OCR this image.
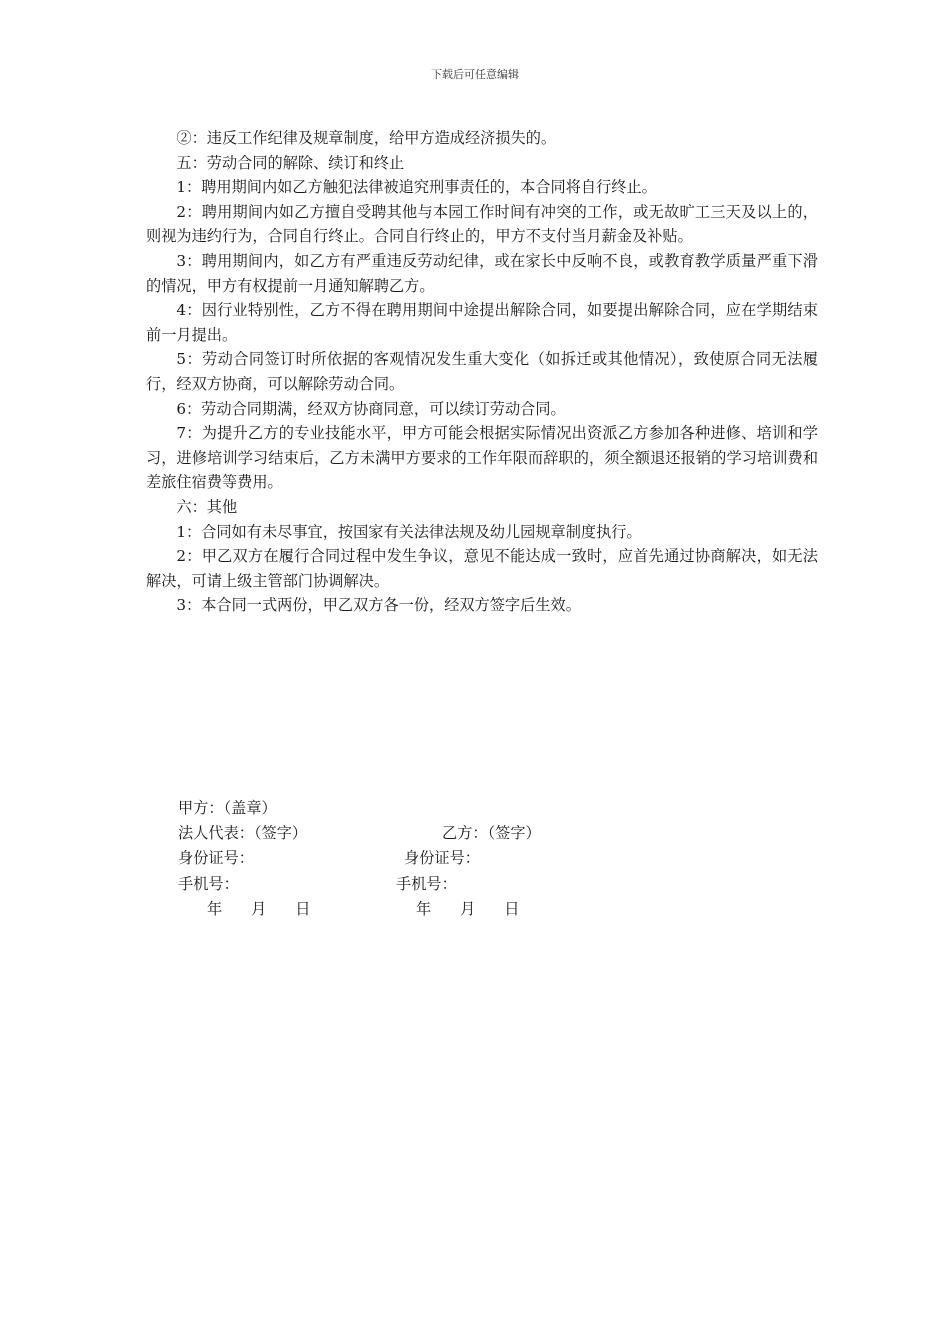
下载后可任意编辑

②：违反工作纪律及规章制度，给甲方造成经济损失的。

五：劳动合同的解除、续订和终止

1：聘用期间内如乙方触犯法律被追究刑事责任的，本合同将自行终止。

2：聘用期间内如乙方擅自受聘其他与本园工作时间有冲突的工作，或无故旷工三天及以上的，则视为违约行为，合同自行终止。合同自行终止的，甲方不支付当月薪金及补贴。

3：聘用期间内，如乙方有严重违反劳动纪律，或在家长中反响不良，或教育教学质量严重下滑的情况，甲方有权提前一月通知解聘乙方。

4：因行业特别性，乙方不得在聘用期间中途提出解除合同，如要提出解除合同，应在学期结束前一月提出。

5：劳动合同签订时所依据的客观情况发生重大变化（如拆迁或其他情况），致使原合同无法履行，经双方协商，可以解除劳动合同。

6：劳动合同期满，经双方协商同意，可以续订劳动合同。

7：为提升乙方的专业技能水平，甲方可能会根据实际情况出资派乙方参加各种进修、培训和学习，进修培训学习结束后，乙方未满甲方要求的工作年限而辞职的，须全额退还报销的学习培训费和差旅住宿费等费用。

六：其他

1：合同如有未尽事宜，按国家有关法律法规及幼儿园规章制度执行。

2：甲乙双方在履行合同过程中发生争议，意见不能达成一致时，应首先通过协商解决，如无法解决，可请上级主管部门协调解决。

3：本合同一式两份，甲乙双方各一份，经双方签字后生效。

甲方：（盖章）
法人代表：（签字）	乙方：（签字）
身份证号：	身份证号：
手机号：	手机号：
年      月      日	年      月      日
